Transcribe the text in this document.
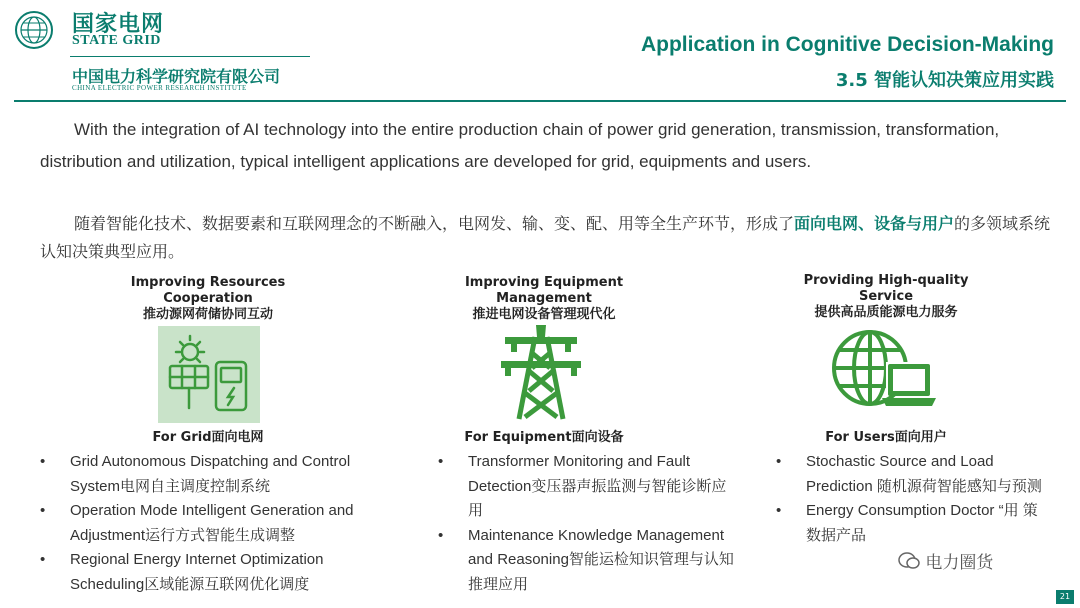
国家电网
STATE GRID
中国电力科学研究院有限公司
CHINA ELECTRIC POWER RESEARCH INSTITUTE
Application in Cognitive Decision-Making
3.5 智能认知决策应用实践
With the integration of AI technology into the entire production chain of power grid generation, transmission, transformation, distribution and utilization, typical intelligent applications are developed for grid, equipments and users.
随着智能化技术、数据要素和互联网理念的不断融入，电网发、输、变、配、用等全生产环节，形成了面向电网、设备与用户的多领域系统认知决策典型应用。
Improving Resources Cooperation
推动源网荷储协同互动
For Grid面向电网
• Grid Autonomous Dispatching and Control System电网自主调度控制系统
• Operation Mode Intelligent Generation and Adjustment运行方式智能生成调整
• Regional Energy Internet Optimization Scheduling区域能源互联网优化调度
Improving Equipment Management
推进电网设备管理现代化
For Equipment面向设备
• Transformer Monitoring and Fault Detection变压器声振监测与智能诊断应用
• Maintenance Knowledge Management and Reasoning智能运检知识管理与认知推理应用
Providing High-quality Service
提供高品质能源电力服务
For Users面向用户
• Stochastic Source and Load Prediction 随机源荷智能感知与预测
• Energy Consumption Doctor “用 策数据产品
电力圈货
21
